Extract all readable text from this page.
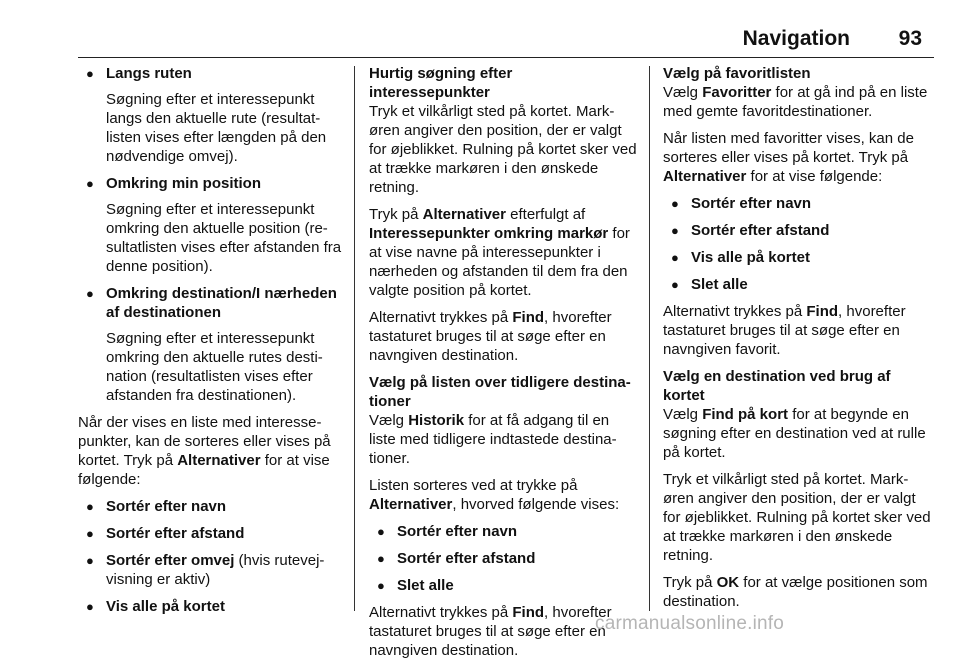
Navigation 93
● Langs ruten
Søgning efter et interessepunkt langs den aktuelle rute (resultatlisten vises efter længden på den nødvendige omvej).
● Omkring min position
Søgning efter et interessepunkt omkring den aktuelle position (resultatlisten vises efter afstanden fra denne position).
● Omkring destination/I nærheden af destinationen
Søgning efter et interessepunkt omkring den aktuelle rutes destination (resultatlisten vises efter afstanden fra destinationen).

Når der vises en liste med interessepunkter, kan de sorteres eller vises på kortet. Tryk på Alternativer for at vise følgende:

● Sortér efter navn
● Sortér efter afstand
● Sortér efter omvej (hvis rutevejvisning er aktiv)
● Vis alle på kortet

Hurtig søgning efter interessepunkter
Tryk et vilkårligt sted på kortet. Markøren angiver den position, der er valgt for øjeblikket. Rulning på kortet sker ved at trække markøren i den ønskede retning.

Tryk på Alternativer efterfulgt af Interessepunkter omkring markør for at vise navne på interessepunkter i nærheden og afstanden til dem fra den valgte position på kortet.

Alternativt trykkes på Find, hvorefter tastaturet bruges til at søge efter en navngiven destination.

Vælg på listen over tidligere destinationer
Vælg Historik for at få adgang til en liste med tidligere indtastede destinationer.

Listen sorteres ved at trykke på Alternativer, hvorved følgende vises:

● Sortér efter navn
● Sortér efter afstand
● Slet alle

Alternativt trykkes på Find, hvorefter tastaturet bruges til at søge efter en navngiven destination.

Vælg på favoritlisten
Vælg Favoritter for at gå ind på en liste med gemte favoritdestinationer.

Når listen med favoritter vises, kan de sorteres eller vises på kortet. Tryk på Alternativer for at vise følgende:

● Sortér efter navn
● Sortér efter afstand
● Vis alle på kortet
● Slet alle

Alternativt trykkes på Find, hvorefter tastaturet bruges til at søge efter en navngiven favorit.

Vælg en destination ved brug af kortet
Vælg Find på kort for at begynde en søgning efter en destination ved at rulle på kortet.

Tryk et vilkårligt sted på kortet. Markøren angiver den position, der er valgt for øjeblikket. Rulning på kortet sker ved at trække markøren i den ønskede retning.

Tryk på OK for at vælge positionen som destination.

carmanualsonline.info
